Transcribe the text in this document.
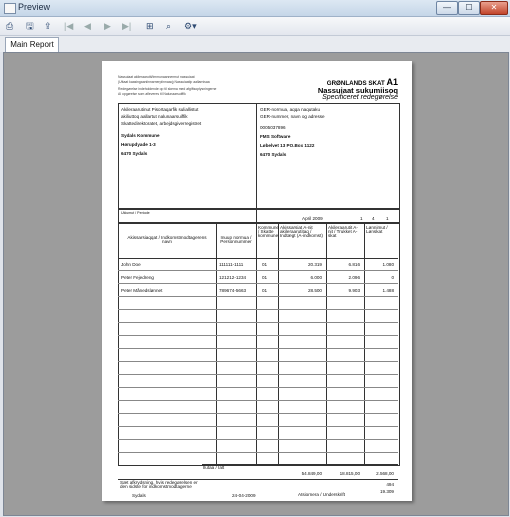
Preview	—	☐	✕
⎙ 🖫 ⇪ |◀ ◀ ▶ ▶| ⊞ ⌕ ⚙▾
Main Report
Nassuiaat akileraarutit/Immunaannermut nassuiaat
(Uttaat kaasingaaniinnarnerpiinnaaq) Nassuiaatip aallarnisaa
Redegørelse indeholdende op til skema med afgiftsoplysningerne
Al opgørelse som afleveres til Nalunaarsuiffik
GRØNLANDS SKAT A1
Nassuiaat sukumiisoq
Specificeret redegørelse
Akileraarutinut Pisortaqarfik suliallistut
akiliuttoq aallartut nalunaarsuiffik
Skattedirektoratet, arbejdsgiverregistret
Sydals Kommune
Hørupdyade 1-3
6470 Sydals
GER-normua, aqqa naqutaku
GER-nummer, navn og adresse
0005037896
FMS Software
Løbelvet 13 PO.Box 1122
6470 Sydals
Ukiumut / Periode
April 2009	1 4 1
Akissarsiaqqat / Indkomstmodtagerens navn
Inuup normua / Personnummer
Kommune / Skatte kommune
Akissarsiat A-nit akileraarutitaq / Indtægt (A-indkomst)
Akileraarutit A-nit / Trukket A-skat
Lønnimut / Lønskat
John Doe	111111-1111	01	20.319	6.816	1.080
Peter Fejedreng	121212-1234	01	6.000	2.096	0
Peter Månedslønnet	789674-5663	01	28.500	9.903	1.488
Ilutaa / Ialt
54.849,00	18.815,00	2.568,00
Sæt afkrydsning, hvis redegørelsen er den sidste for indkomstmodtagerne	494
19.309
Sydals	24-04-2009	Atsiornera / Underskrift
